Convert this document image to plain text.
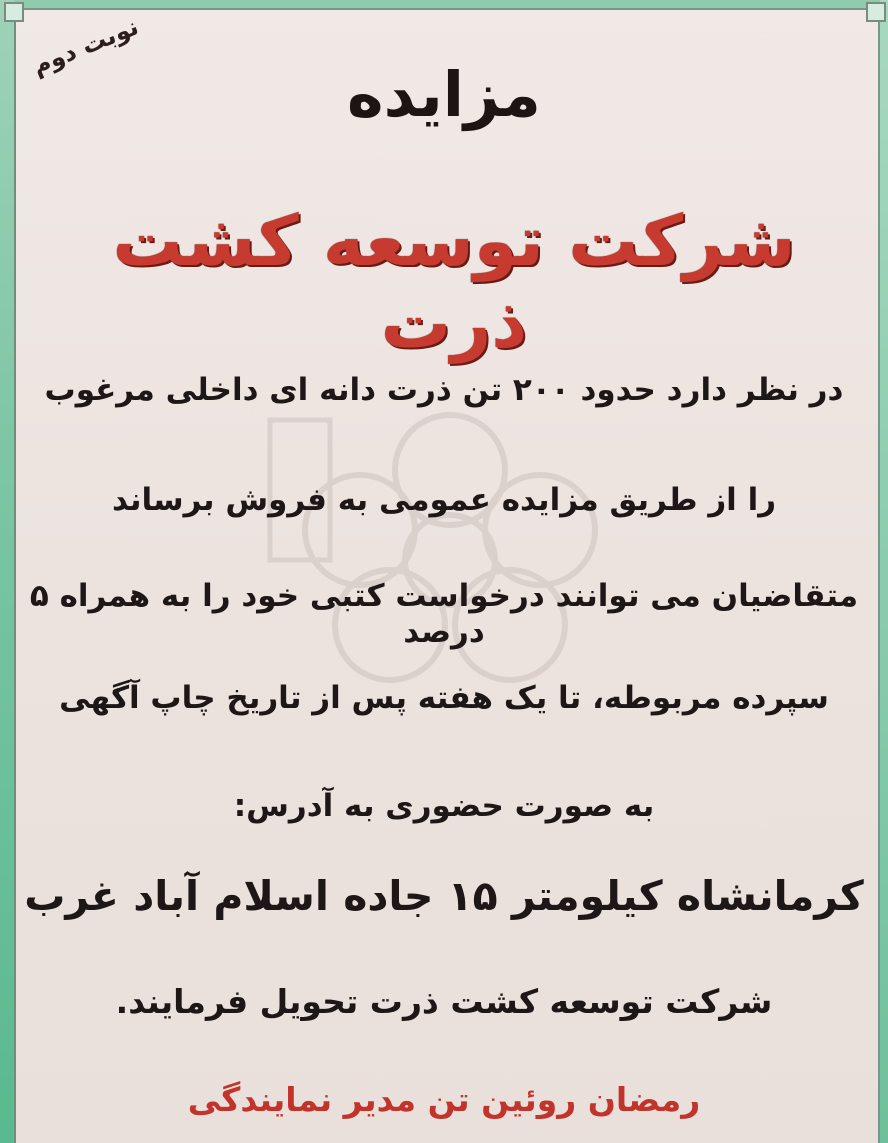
نوبت دوم
مزایده
شرکت توسعه کشت ذرت
در نظر دارد حدود ۲۰۰ تن ذرت دانه ای داخلی مرغوب
را از طریق مزایده عمومی به فروش برساند
متقاضیان می توانند درخواست کتبی خود را به همراه ۵ درصد
سپرده مربوطه، تا یک هفته پس از تاریخ چاپ آگهی
به صورت حضوری به آدرس:
کرمانشاه کیلومتر ۱۵ جاده اسلام آباد غرب
شرکت توسعه کشت ذرت تحویل فرمایند.
رمضان روئین تن مدیر نمایندگی
